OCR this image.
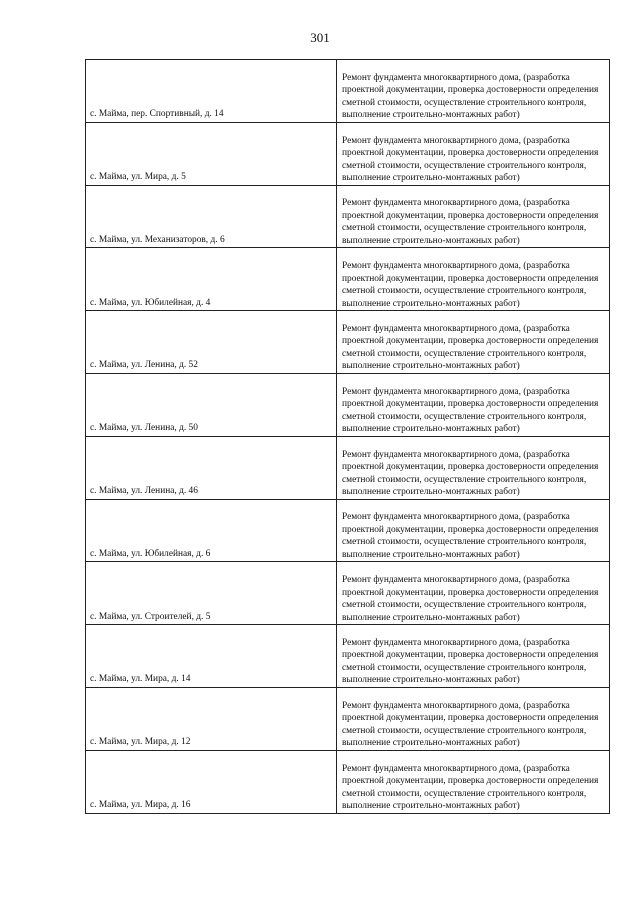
301
с. Майма, пер. Спортивный, д. 14	Ремонт фундамента многоквартирного дома, (разработка проектной документации, проверка достоверности определения сметной стоимости, осуществление строительного контроля, выполнение строительно-монтажных работ)

с. Майма, ул. Мира, д. 5	Ремонт фундамента многоквартирного дома, (разработка проектной документации, проверка достоверности определения сметной стоимости, осуществление строительного контроля, выполнение строительно-монтажных работ)

с. Майма, ул. Механизаторов, д. 6	Ремонт фундамента многоквартирного дома, (разработка проектной документации, проверка достоверности определения сметной стоимости, осуществление строительного контроля, выполнение строительно-монтажных работ)

с. Майма, ул. Юбилейная, д. 4	Ремонт фундамента многоквартирного дома, (разработка проектной документации, проверка достоверности определения сметной стоимости, осуществление строительного контроля, выполнение строительно-монтажных работ)

с. Майма, ул. Ленина, д. 52	Ремонт фундамента многоквартирного дома, (разработка проектной документации, проверка достоверности определения сметной стоимости, осуществление строительного контроля, выполнение строительно-монтажных работ)

с. Майма, ул. Ленина, д. 50	Ремонт фундамента многоквартирного дома, (разработка проектной документации, проверка достоверности определения сметной стоимости, осуществление строительного контроля, выполнение строительно-монтажных работ)

с. Майма, ул. Ленина, д. 46	Ремонт фундамента многоквартирного дома, (разработка проектной документации, проверка достоверности определения сметной стоимости, осуществление строительного контроля, выполнение строительно-монтажных работ)

с. Майма, ул. Юбилейная, д. 6	Ремонт фундамента многоквартирного дома, (разработка проектной документации, проверка достоверности определения сметной стоимости, осуществление строительного контроля, выполнение строительно-монтажных работ)

с. Майма, ул. Строителей, д. 5	Ремонт фундамента многоквартирного дома, (разработка проектной документации, проверка достоверности определения сметной стоимости, осуществление строительного контроля, выполнение строительно-монтажных работ)

с. Майма, ул. Мира, д. 14	Ремонт фундамента многоквартирного дома, (разработка проектной документации, проверка достоверности определения сметной стоимости, осуществление строительного контроля, выполнение строительно-монтажных работ)

с. Майма, ул. Мира, д. 12	Ремонт фундамента многоквартирного дома, (разработка проектной документации, проверка достоверности определения сметной стоимости, осуществление строительного контроля, выполнение строительно-монтажных работ)

с. Майма, ул. Мира, д. 16	Ремонт фундамента многоквартирного дома, (разработка проектной документации, проверка достоверности определения сметной стоимости, осуществление строительного контроля, выполнение строительно-монтажных работ)
